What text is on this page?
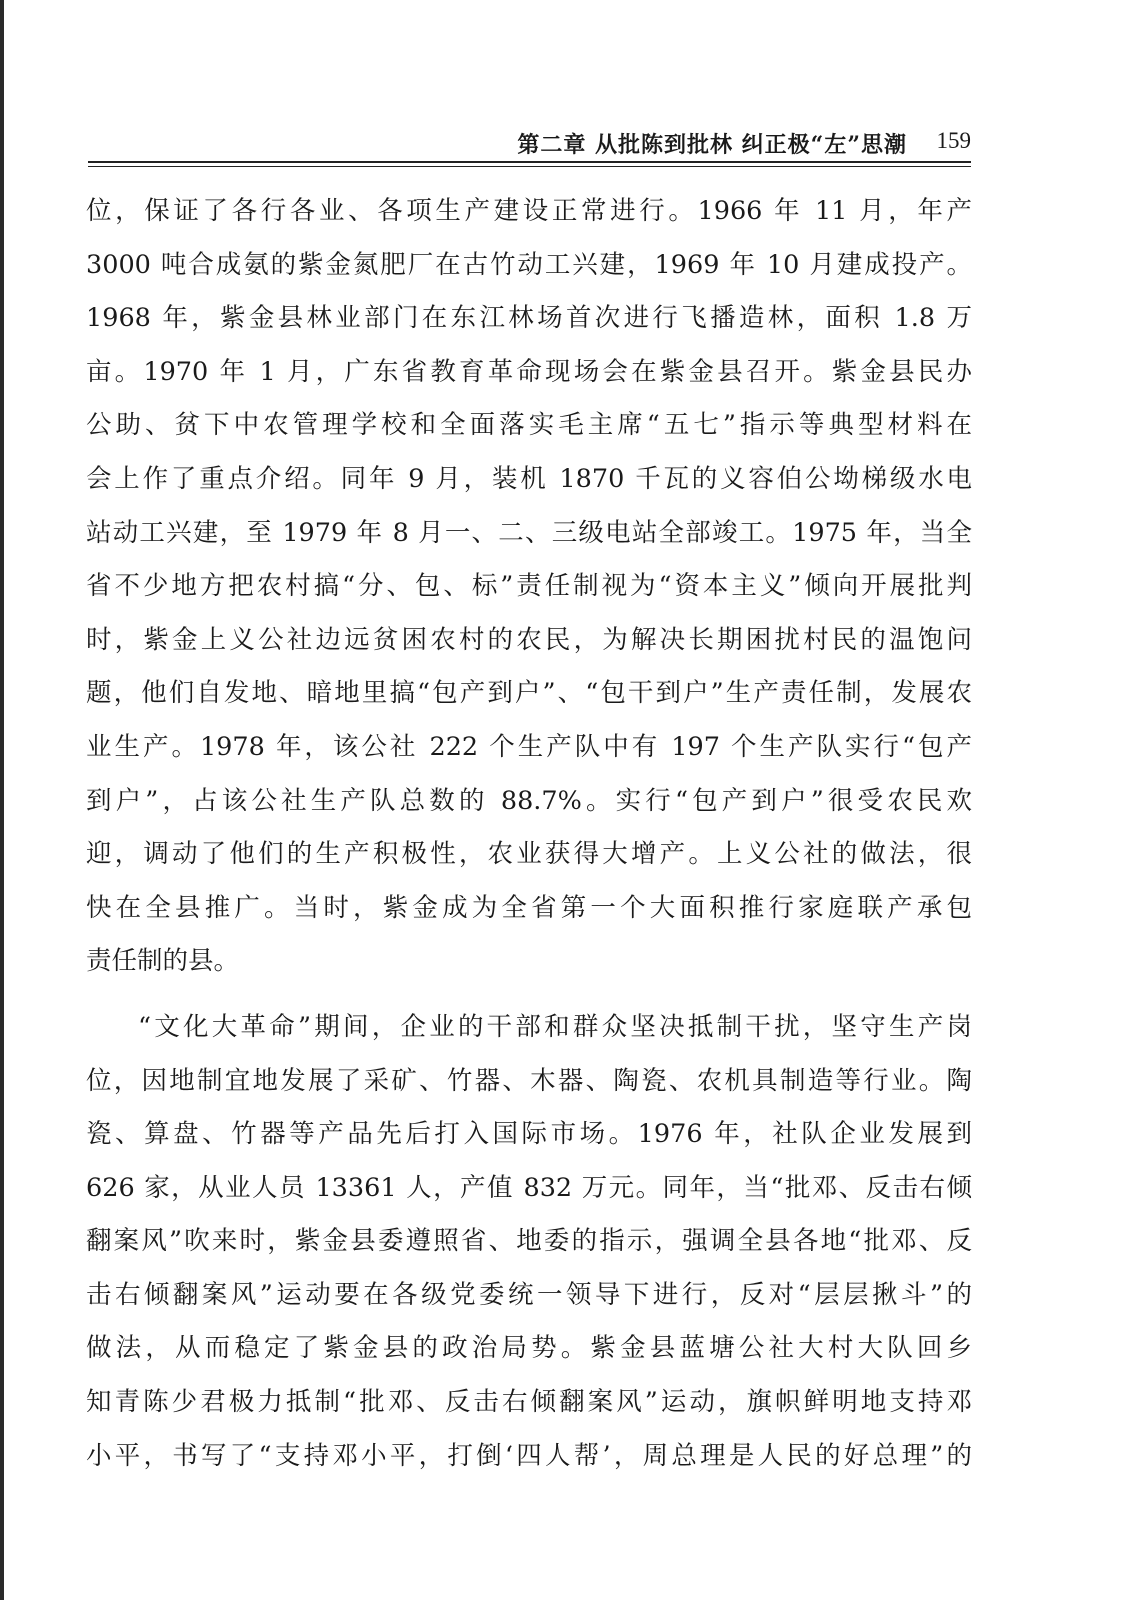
第二章 从批陈到批林 纠正极“左”思潮 159
位，保证了各行各业、各项生产建设正常进行。1966 年 11 月，年产
3000 吨合成氨的紫金氮肥厂在古竹动工兴建，1969 年 10 月建成投产。
1968 年，紫金县林业部门在东江林场首次进行飞播造林，面积 1.8 万
亩。1970 年 1 月，广东省教育革命现场会在紫金县召开。紫金县民办
公助、贫下中农管理学校和全面落实毛主席“五七”指示等典型材料在
会上作了重点介绍。同年 9 月，装机 1870 千瓦的义容伯公坳梯级水电
站动工兴建，至 1979 年 8 月一、二、三级电站全部竣工。1975 年，当全
省不少地方把农村搞“分、包、标”责任制视为“资本主义”倾向开展批判
时，紫金上义公社边远贫困农村的农民，为解决长期困扰村民的温饱问
题，他们自发地、暗地里搞“包产到户”、“包干到户”生产责任制，发展农
业生产。1978 年，该公社 222 个生产队中有 197 个生产队实行“包产
到户”，占该公社生产队总数的 88.7%。实行“包产到户”很受农民欢
迎，调动了他们的生产积极性，农业获得大增产。上义公社的做法，很
快在全县推广。当时，紫金成为全省第一个大面积推行家庭联产承包
责任制的县。
“文化大革命”期间，企业的干部和群众坚决抵制干扰，坚守生产岗
位，因地制宜地发展了采矿、竹器、木器、陶瓷、农机具制造等行业。陶
瓷、算盘、竹器等产品先后打入国际市场。1976 年，社队企业发展到
626 家，从业人员 13361 人，产值 832 万元。同年，当“批邓、反击右倾
翻案风”吹来时，紫金县委遵照省、地委的指示，强调全县各地“批邓、反
击右倾翻案风”运动要在各级党委统一领导下进行，反对“层层揪斗”的
做法，从而稳定了紫金县的政治局势。紫金县蓝塘公社大村大队回乡
知青陈少君极力抵制“批邓、反击右倾翻案风”运动，旗帜鲜明地支持邓
小平，书写了“支持邓小平，打倒‘四人帮’，周总理是人民的好总理”的
